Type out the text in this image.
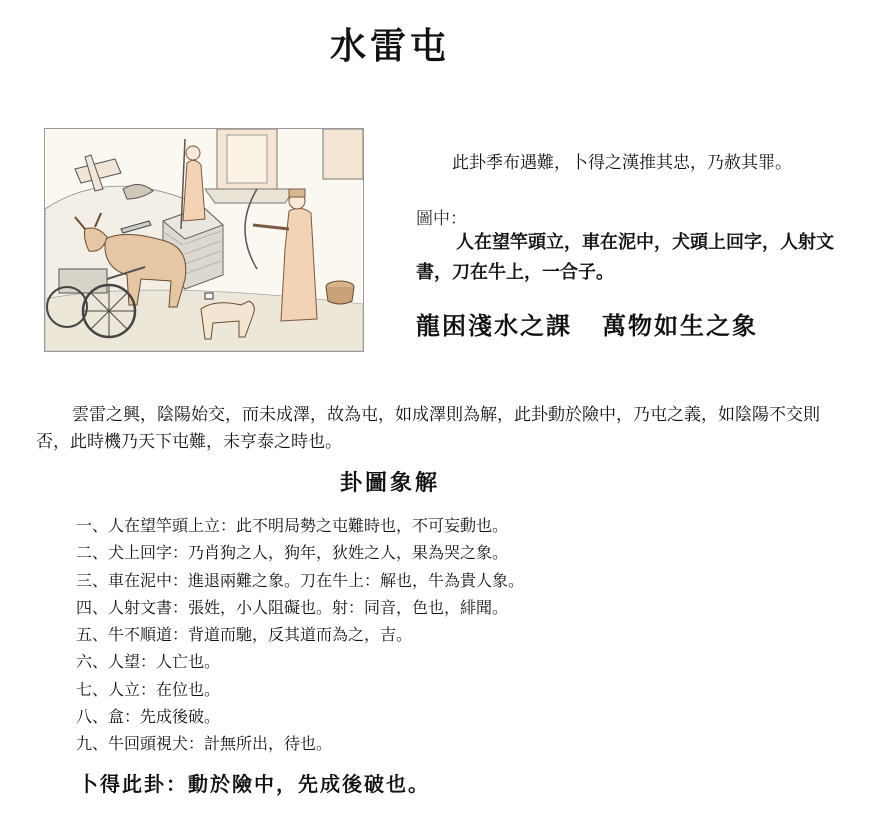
水雷屯
此卦季布遇難，卜得之漢推其忠，乃赦其罪。
圖中：
人在望竿頭立，車在泥中，犬頭上回字，人射文書，刀在牛上，一合子。
龍困淺水之課 萬物如生之象
雲雷之興，陰陽始交，而未成澤，故為屯，如成澤則為解，此卦動於險中，乃屯之義，如陰陽不交則否，此時機乃天下屯難，未亨泰之時也。
卦圖象解
一、人在望竿頭上立：此不明局勢之屯難時也，不可妄動也。
二、犬上回字：乃肖狗之人，狗年，狄姓之人，果為哭之象。
三、車在泥中：進退兩難之象。刀在牛上：解也，牛為貴人象。
四、人射文書：張姓，小人阻礙也。射：同音，色也，緋聞。
五、牛不順道：背道而馳，反其道而為之，吉。
六、人望：人亡也。
七、人立：在位也。
八、盒：先成後破。
九、牛回頭視犬：計無所出，待也。
卜得此卦：動於險中，先成後破也。
